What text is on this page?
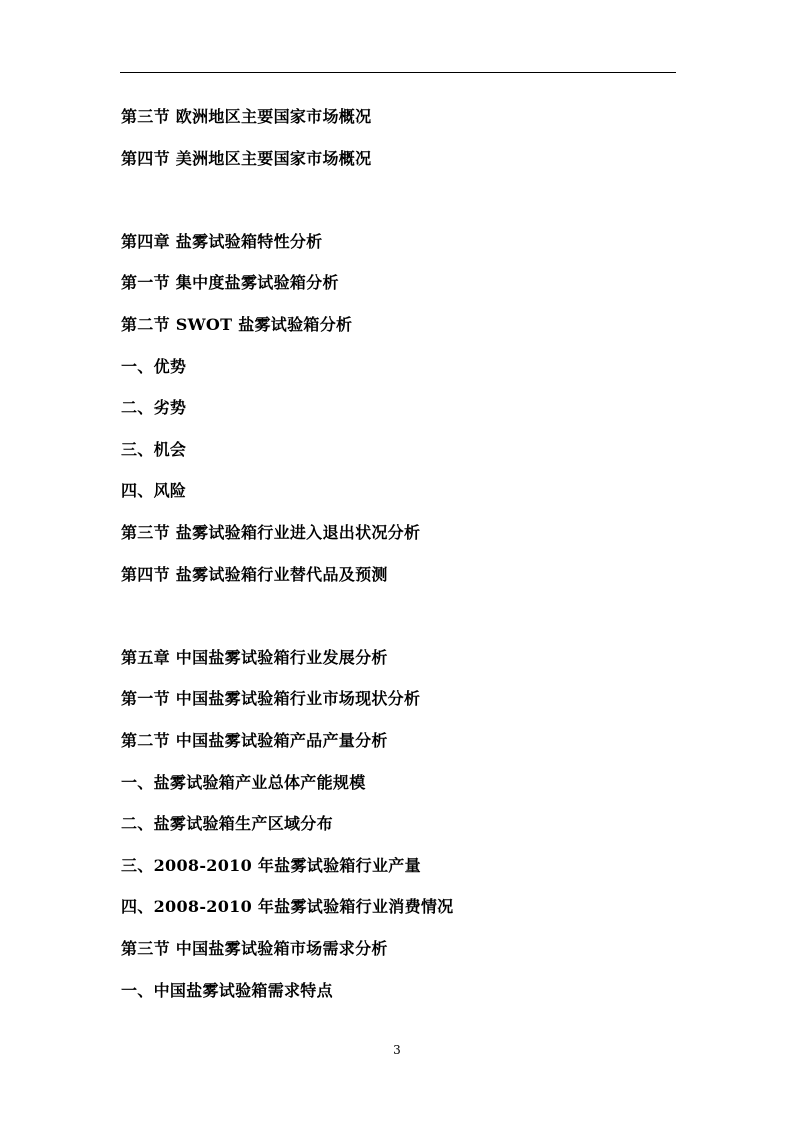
第三节 欧洲地区主要国家市场概况
第四节 美洲地区主要国家市场概况
第四章 盐雾试验箱特性分析
第一节 集中度盐雾试验箱分析
第二节 SWOT 盐雾试验箱分析
一、优势
二、劣势
三、机会
四、风险
第三节 盐雾试验箱行业进入退出状况分析
第四节 盐雾试验箱行业替代品及预测
第五章 中国盐雾试验箱行业发展分析
第一节 中国盐雾试验箱行业市场现状分析
第二节 中国盐雾试验箱产品产量分析
一、盐雾试验箱产业总体产能规模
二、盐雾试验箱生产区域分布
三、2008-2010 年盐雾试验箱行业产量
四、2008-2010 年盐雾试验箱行业消费情况
第三节 中国盐雾试验箱市场需求分析
一、中国盐雾试验箱需求特点
3
